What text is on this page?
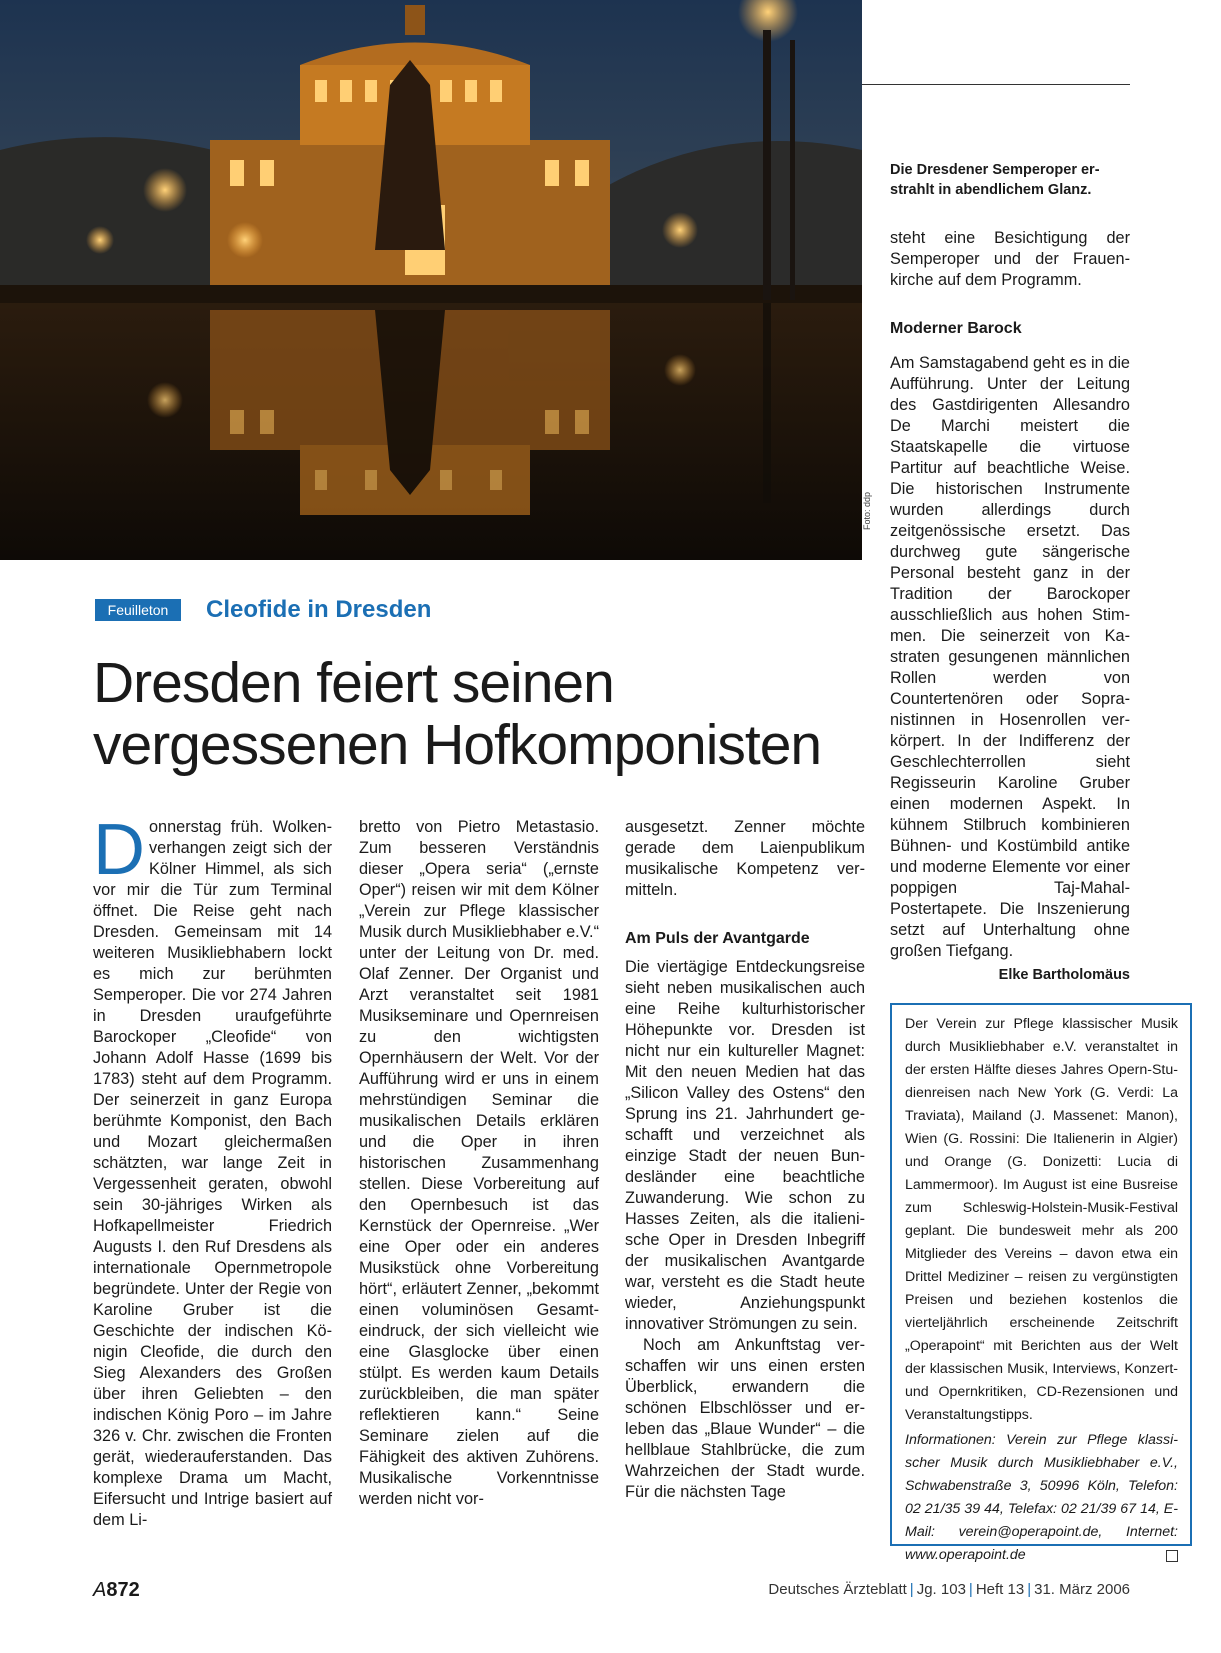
Foto: ddp
Die Dresdener Semperoper erstrahlt in abendlichem Glanz.
steht eine Besichtigung der Semperoper und der Frauenkirche auf dem Programm.
Moderner Barock
Feuilleton	Cleofide in Dresden
Dresden feiert seinen vergessenen Hofkomponisten
D onnerstag früh. Wolkenverhangen zeigt sich der Kölner Himmel, als sich vor mir die Tür zum Terminal öffnet. Die Reise geht nach Dresden. Gemeinsam mit 14 weiteren Musikliebhabern lockt es mich zur berühmten Semperoper. Die vor 274 Jahren in Dresden uraufgeführte Barockoper „Cleofide“ von Johann Adolf Hasse (1699 bis 1783) steht auf dem Programm. Der seinerzeit in ganz Europa berühmte Komponist, den Bach und Mozart gleichermaßen schätzten, war lange Zeit in Vergessenheit geraten, obwohl sein 30-jähriges Wirken als Hofkapellmeister Friedrich Augusts I. den Ruf Dresdens als internationale Opernmetropole begründete. Unter der Regie von Karoline Gruber ist die Geschichte der indischen Königin Cleofide, die durch den Sieg Alexanders des Großen über ihren Geliebten – den indischen König Poro – im Jahre 326 v. Chr. zwischen die Fronten gerät, wiederauferstanden. Das komplexe Drama um Macht, Eifersucht und Intrige basiert auf dem Li-

bretto von Pietro Metastasio. Zum besseren Verständnis dieser „Opera seria“ („ernste Oper“) reisen wir mit dem Kölner „Verein zur Pflege klassischer Musik durch Musikliebhaber e.V.“ unter der Leitung von Dr. med. Olaf Zenner. Der Organist und Arzt veranstaltet seit 1981 Musikseminare und Opernreisen zu den wichtigsten Opernhäusern der Welt. Vor der Aufführung wird er uns in einem mehrstündigen Seminar die musikalischen Details erklären und die Oper in ihren historischen Zusammenhang stellen. Diese Vorbereitung auf den Opernbesuch ist das Kernstück der Opernreise. „Wer eine Oper oder ein anderes Musikstück ohne Vorbereitung hört“, erläutert Zenner, „bekommt einen voluminösen Gesamteindruck, der sich vielleicht wie eine Glasglocke über einen stülpt. Es werden kaum Details zurückbleiben, die man später reflektieren kann.“ Seine Seminare zielen auf die Fähigkeit des aktiven Zuhörens. Musikalische Vorkenntnisse werden nicht vor-

ausgesetzt. Zenner möchte gerade dem Laienpublikum musikalische Kompetenz vermitteln.

Am Puls der Avantgarde

Die viertägige Entdeckungsreise sieht neben musikalischen auch eine Reihe kulturhistorischer Höhepunkte vor. Dresden ist nicht nur ein kultureller Magnet: Mit den neuen Medien hat das „Silicon Valley des Ostens“ den Sprung ins 21. Jahrhundert geschafft und verzeichnet als einzige Stadt der neuen Bundesländer eine beachtliche Zuwanderung. Wie schon zu Hasses Zeiten, als die italienische Oper in Dresden Inbegriff der musikalischen Avantgarde war, versteht es die Stadt heute wieder, Anziehungspunkt innovativer Strömungen zu sein.

Noch am Ankunftstag verschaffen wir uns einen ersten Überblick, erwandern die schönen Elbschlösser und erleben das „Blaue Wunder“ – die hellblaue Stahlbrücke, die zum Wahrzeichen der Stadt wurde. Für die nächsten Tage

Am Samstagabend geht es in die Aufführung. Unter der Leitung des Gastdirigenten Allesandro De Marchi meistert die Staatskapelle die virtuose Partitur auf beachtliche Weise. Die historischen Instrumente wurden allerdings durch zeitgenössische ersetzt. Das durchweg gute sängerische Personal besteht ganz in der Tradition der Barockoper ausschließlich aus hohen Stimmen. Die seinerzeit von Kastraten gesungenen männlichen Rollen werden von Countertenören oder Sopranistinnen in Hosenrollen verkörpert. In der Indifferenz der Geschlechterrollen sieht Regisseurin Karoline Gruber einen modernen Aspekt. In kühnem Stilbruch kombinieren Bühnen- und Kostümbild antike und moderne Elemente vor einer poppigen Taj-Mahal-Postertapete. Die Inszenierung setzt auf Unterhaltung ohne großen Tiefgang.

Elke Bartholomäus

Der Verein zur Pflege klassischer Musik durch Musikliebhaber e.V. veranstaltet in der ersten Hälfte dieses Jahres Opern-Studienreisen nach New York (G. Verdi: La Traviata), Mailand (J. Massenet: Manon), Wien (G. Rossini: Die Italienerin in Algier) und Orange (G. Donizetti: Lucia di Lammermoor). Im August ist eine Busreise zum Schleswig-Holstein-Musik-Festival geplant. Die bundesweit mehr als 200 Mitglieder des Vereins – davon etwa ein Drittel Mediziner – reisen zu vergünstigten Preisen und beziehen kostenlos die vierteljährlich erscheinende Zeitschrift „Operapoint“ mit Berichten aus der Welt der klassischen Musik, Interviews, Konzert- und Opernkritiken, CD-Rezensionen und Veranstaltungstipps.

Informationen: Verein zur Pflege klassischer Musik durch Musikliebhaber e.V., Schwabenstraße 3, 50996 Köln, Telefon: 02 21/35 39 44, Telefax: 02 21/39 67 14, E-Mail: verein@operapoint.de, Internet: www.operapoint.de

A872	Deutsches Ärzteblatt | Jg. 103 | Heft 13 | 31. März 2006
